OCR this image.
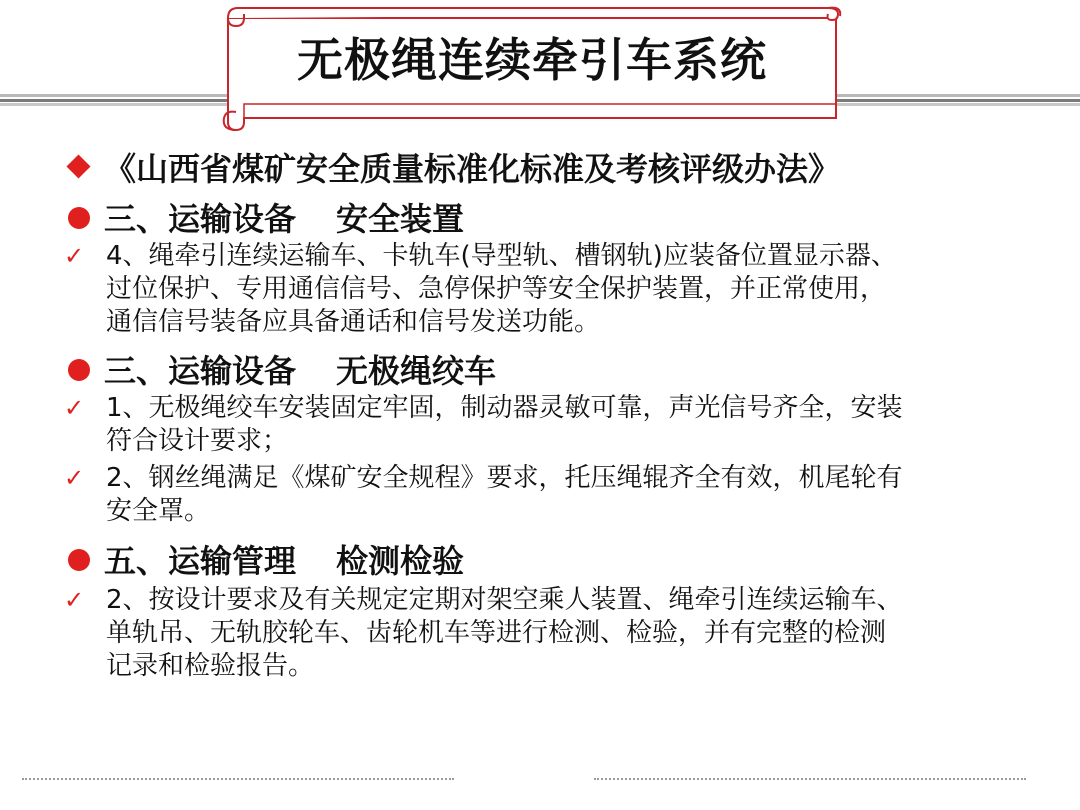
无极绳连续牵引车系统
《山西省煤矿安全质量标准化标准及考核评级办法》
三、运输设备 安全装置
✓ 4、绳牵引连续运输车、卡轨车(导型轨、槽钢轨)应装备位置显示器、
过位保护、专用通信信号、急停保护等安全保护装置，并正常使用，
通信信号装备应具备通话和信号发送功能。
三、运输设备 无极绳绞车
✓ 1、无极绳绞车安装固定牢固，制动器灵敏可靠，声光信号齐全，安装
符合设计要求；
✓ 2、钢丝绳满足《煤矿安全规程》要求，托压绳辊齐全有效，机尾轮有
安全罩。
五、运输管理 检测检验
✓ 2、按设计要求及有关规定定期对架空乘人装置、绳牵引连续运输车、
单轨吊、无轨胶轮车、齿轮机车等进行检测、检验，并有完整的检测
记录和检验报告。
